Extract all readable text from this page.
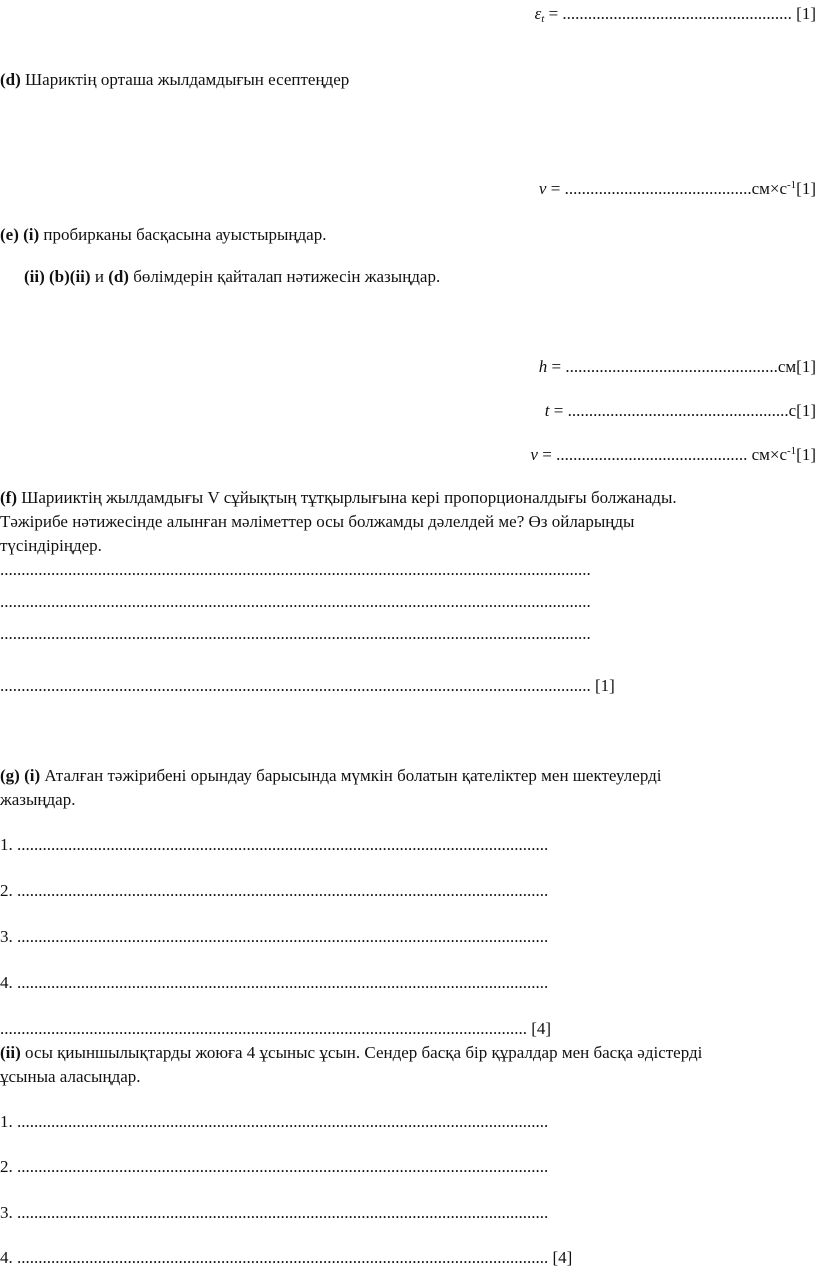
$\varepsilon_t$ = ...................................................... [1]
(d) Шариктің орташа жылдамдығын есептеңдер
$v = ............................................см\times с^{-1}[1]$
(e) (i) пробирканы басқасына ауыстырыңдар.
(ii) (b)(ii) и (d) бөлімдерін қайталап нәтижесін жазыңдар.
h = ..................................................см[1]
t = ....................................................с[1]
v = ............................................. $см\times с^{-1}[1]$
(f) Шарииктің жылдамдығы V сұйықтың тұтқырлығына кері пропорционалдығы болжанады.
Тәжірибе нәтижесінде алынған мәліметтер осы болжамды дәлелдей ме? Өз ойларыңды
түсіндіріңдер.
...........................................................................................................................................
...........................................................................................................................................
...........................................................................................................................................
........................................................................................................................................... [1]
(g) (i) Аталған тәжірибені орындау барысында мүмкін болатын қателіктер мен шектеулерді
жазыңдар.
1. .............................................................................................................................
2. .............................................................................................................................
3. .............................................................................................................................
4. .............................................................................................................................
............................................................................................................................ [4]
(ii) осы қиыншылықтарды жоюға 4 ұсыныс ұсын. Сендер басқа бір құралдар мен басқа әдістерді
ұсыныа аласыңдар.
1. .............................................................................................................................
2. .............................................................................................................................
3. .............................................................................................................................
4. ............................................................................................................................. [4]
